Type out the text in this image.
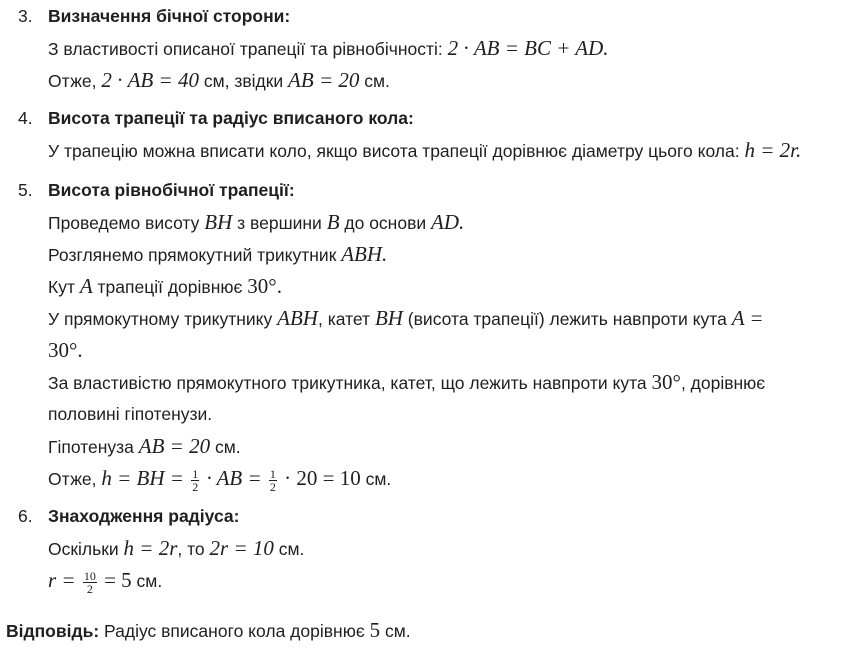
3. Визначення бічної сторони:
З властивості описаної трапеції та рівнобічності: 2 · AB = BC + AD.
Отже, 2 · AB = 40 см, звідки AB = 20 см.
4. Висота трапеції та радіус вписаного кола:
У трапецію можна вписати коло, якщо висота трапеції дорівнює діаметру цього кола: h = 2r.
5. Висота рівнобічної трапеції:
Проведемо висоту BH з вершини B до основи AD.
Розглянемо прямокутний трикутник ABH.
Кут A трапеції дорівнює 30°.
У прямокутному трикутнику ABH, катет BH (висота трапеції) лежить навпроти кута A =
30°.
За властивістю прямокутного трикутника, катет, що лежить навпроти кута 30°, дорівнює
половині гіпотенузи.
Гіпотенуза AB = 20 см.
Отже, h = BH = $\frac{1}{2}$ · AB = $\frac{1}{2} \cdot 20 = 10$ см.
6. Знаходження радіуса:
Оскільки h = 2r, то 2r = 10 см.
$r = \frac{10}{2} = 5$ см.
Відповідь: Радіус вписаного кола дорівнює 5 см.
